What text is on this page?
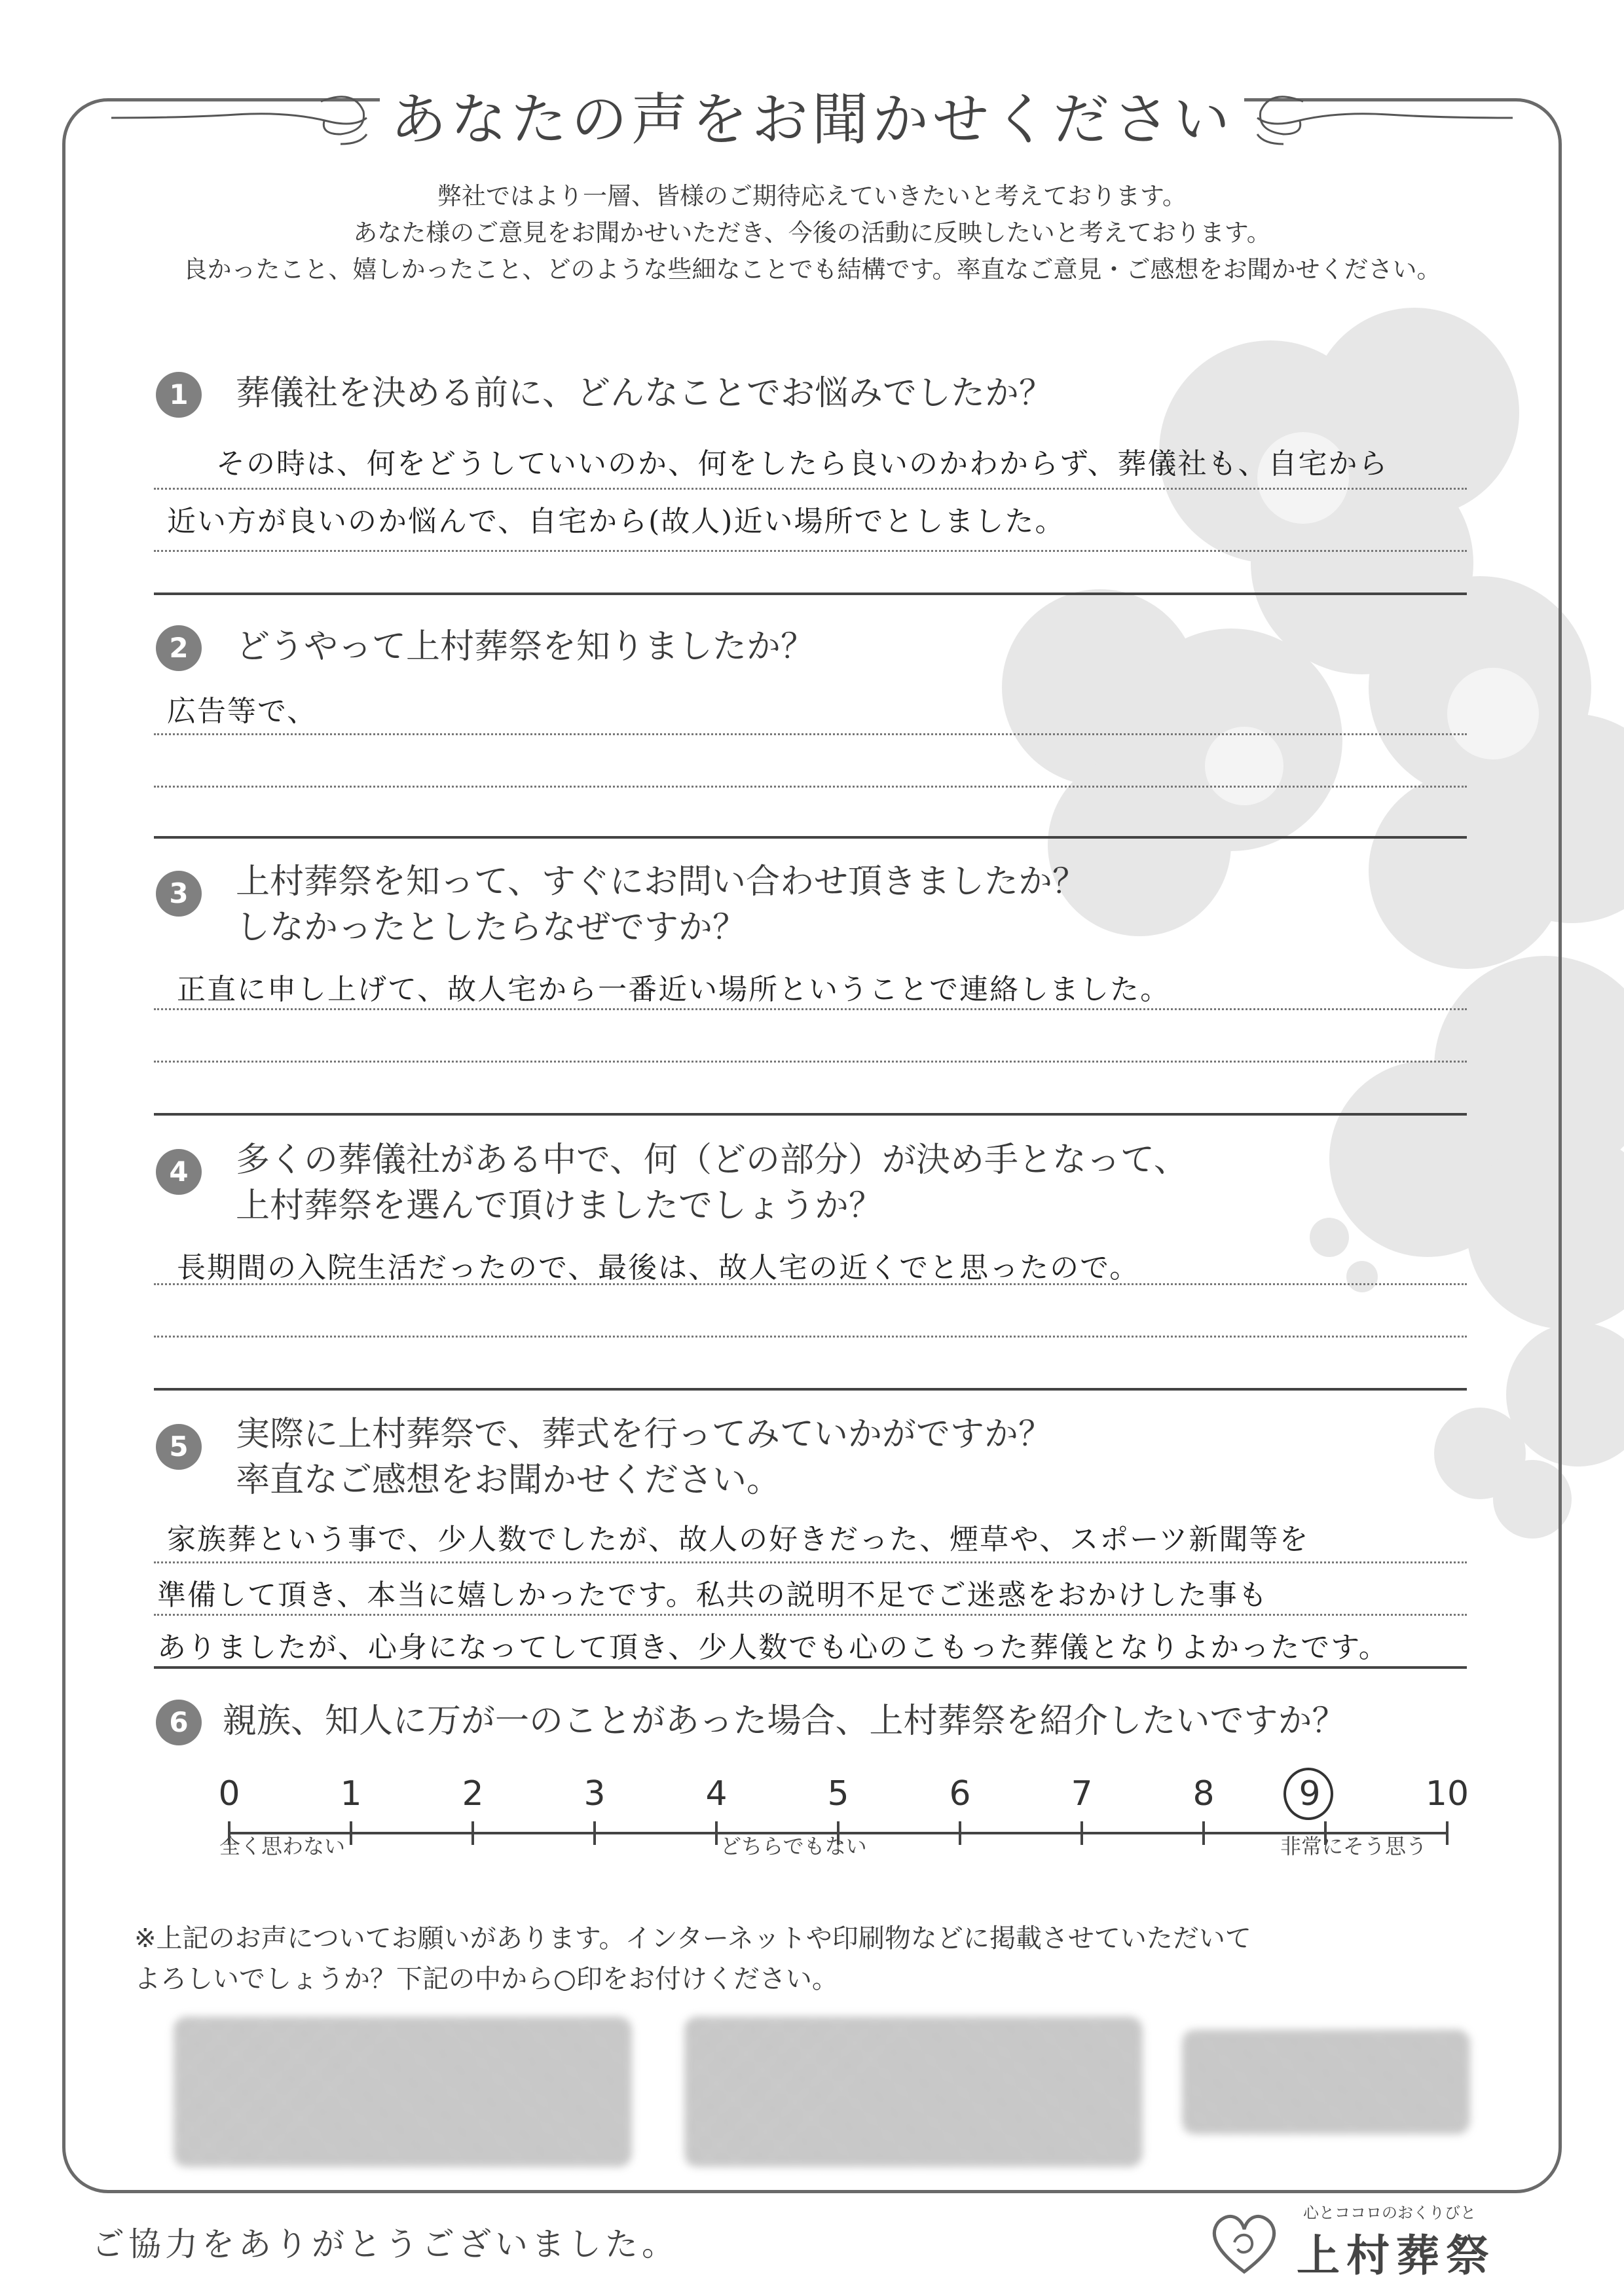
あなたの声をお聞かせください

弊社ではより一層、皆様のご期待応えていきたいと考えております。

あなた様のご意見をお聞かせいただき、今後の活動に反映したいと考えております。

良かったこと、嬉しかったこと、どのような些細なことでも結構です。率直なご意見・ご感想をお聞かせください。

1	葬儀社を決める前に、どんなことでお悩みでしたか？
その時は、何をどうしていいのか、何をしたら良いのかわからず、葬儀社も、自宅から
近い方が良いのか悩んで、自宅から(故人)近い場所でとしました。
2	どうやって上村葬祭を知りましたか？
広告等で、
3	上村葬祭を知って、すぐにお問い合わせ頂きましたか？
しなかったとしたらなぜですか？
正直に申し上げて、故人宅から一番近い場所ということで連絡しました。
4	多くの葬儀社がある中で、何（どの部分）が決め手となって、
上村葬祭を選んで頂けましたでしょうか？
長期間の入院生活だったので、最後は、故人宅の近くでと思ったので。
5	実際に上村葬祭で、葬式を行ってみていかがですか？
率直なご感想をお聞かせください。
家族葬という事で、少人数でしたが、故人の好きだった、煙草や、スポーツ新聞等を
準備して頂き、本当に嬉しかったです。私共の説明不足でご迷惑をおかけした事も
ありましたが、心身になってして頂き、少人数でも心のこもった葬儀となりよかったです。
6	親族、知人に万が一のことがあった場合、上村葬祭を紹介したいですか？
0	1	2	3	4	5	6	7	8	9	10
全く思わない	どちらでもない	非常にそう思う

※上記のお声についてお願いがあります。インターネットや印刷物などに掲載させていただいて

よろしいでしょうか？下記の中から○印をお付けください。

ご協力をありがとうございました。
心とココロのおくりびと
上村葬祭
